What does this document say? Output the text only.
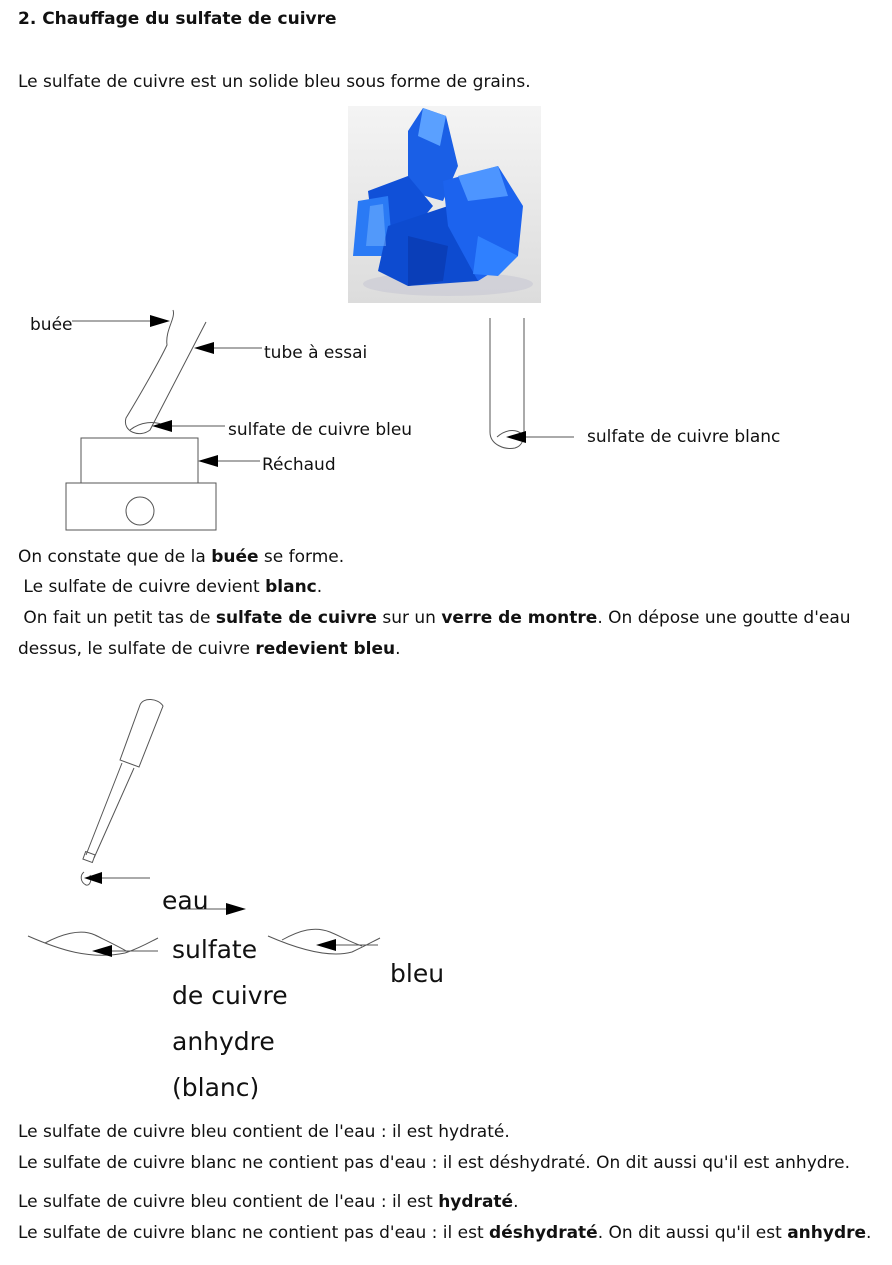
2. Chauffage du sulfate de cuivre
Le sulfate de cuivre est un solide bleu sous forme de grains.
buée
tube à essai
sulfate de cuivre bleu
Réchaud
sulfate de cuivre blanc
On constate que de la buée se forme.
Le sulfate de cuivre devient blanc.
On fait un petit tas de sulfate de cuivre sur un verre de montre. On dépose une goutte d'eau
dessus, le sulfate de cuivre redevient bleu.
eau
sulfate
de cuivre
anhydre
(blanc)
bleu
Le sulfate de cuivre bleu contient de l'eau : il est hydraté.
Le sulfate de cuivre blanc ne contient pas d'eau : il est déshydraté. On dit aussi qu'il est anhydre.
Le sulfate de cuivre bleu contient de l'eau : il est hydraté.
Le sulfate de cuivre blanc ne contient pas d'eau : il est déshydraté. On dit aussi qu'il est anhydre.
